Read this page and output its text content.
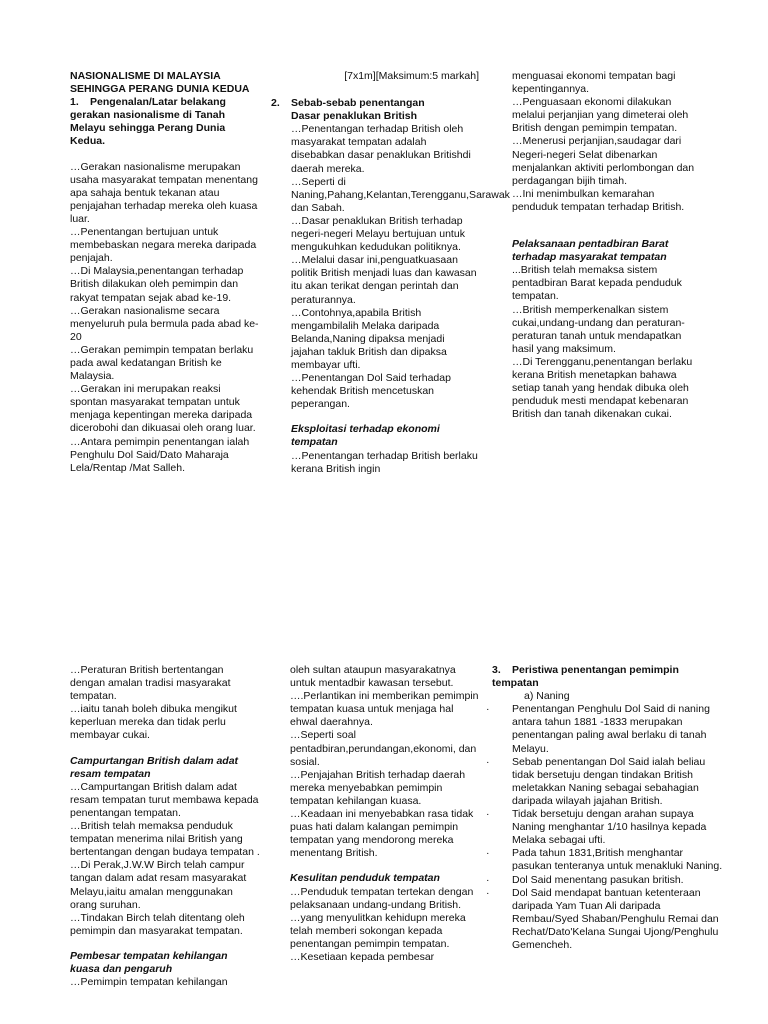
NASIONALISME DI MALAYSIA SEHINGGA PERANG DUNIA KEDUA

1. Pengenalan/Latar belakang gerakan nasionalisme di Tanah Melayu sehingga Perang Dunia Kedua.

…Gerakan nasionalisme merupakan usaha masyarakat tempatan menentang apa sahaja bentuk tekanan atau penjajahan terhadap mereka oleh kuasa luar.

…Penentangan bertujuan untuk membebaskan negara mereka daripada penjajah.

…Di Malaysia,penentangan terhadap British dilakukan oleh pemimpin dan rakyat tempatan sejak abad ke-19.

…Gerakan nasionalisme secara menyeluruh pula bermula pada abad ke-20

…Gerakan pemimpin tempatan berlaku pada awal kedatangan British ke Malaysia.

…Gerakan ini merupakan reaksi spontan masyarakat tempatan untuk menjaga kepentingan mereka daripada dicerobohi dan dikuasai oleh orang luar.

…Antara pemimpin penentangan ialah Penghulu Dol Said/Dato Maharaja Lela/Rentap /Mat Salleh.

[7x1m][Maksimum:5 markah]

2. Sebab-sebab penentangan

Dasar penaklukan British

…Penentangan terhadap British oleh masyarakat tempatan adalah disebabkan dasar penaklukan Britishdi daerah mereka.

…Seperti di Naning,Pahang,Kelantan,Terengganu,Sarawak dan Sabah.

…Dasar penaklukan British terhadap negeri-negeri Melayu bertujuan untuk mengukuhkan kedudukan politiknya.

…Melalui dasar ini,penguatkuasaan politik British menjadi luas dan kawasan itu akan terikat dengan perintah dan peraturannya.

…Contohnya,apabila British mengambilalih Melaka daripada Belanda,Naning dipaksa menjadi jajahan takluk British dan dipaksa membayar ufti.

…Penentangan Dol Said terhadap kehendak British mencetuskan peperangan.

Eksploitasi terhadap ekonomi tempatan

…Penentangan terhadap British berlaku kerana British ingin

menguasai ekonomi tempatan bagi kepentingannya.

…Penguasaan ekonomi dilakukan melalui perjanjian yang dimeterai oleh British dengan pemimpin tempatan.

…Menerusi perjanjian,saudagar dari Negeri-negeri Selat dibenarkan menjalankan aktiviti perlombongan dan perdagangan bijih timah.

…Ini menimbulkan kemarahan penduduk tempatan terhadap British.

Pelaksanaan pentadbiran Barat terhadap masyarakat tempatan

...British telah memaksa sistem pentadbiran Barat kepada penduduk tempatan.

…British memperkenalkan sistem cukai,undang-undang dan peraturan-peraturan tanah untuk mendapatkan hasil yang maksimum.

…Di Terengganu,penentangan berlaku kerana British menetapkan bahawa setiap tanah yang hendak dibuka oleh penduduk mesti mendapat kebenaran British dan tanah dikenakan cukai.

…Peraturan British bertentangan dengan amalan tradisi masyarakat tempatan.

…iaitu tanah boleh dibuka mengikut keperluan mereka dan tidak perlu membayar cukai.

Campurtangan British dalam adat resam tempatan

…Campurtangan British dalam adat resam tempatan turut membawa kepada penentangan tempatan.

…British telah memaksa penduduk tempatan menerima nilai British yang bertentangan dengan budaya tempatan .

…Di Perak,J.W.W Birch telah campur tangan dalam adat resam masyarakat Melayu,iaitu amalan menggunakan orang suruhan.

…Tindakan Birch telah ditentang oleh pemimpin dan masyarakat tempatan.

Pembesar tempatan kehilangan kuasa dan pengaruh

…Pemimpin tempatan kehilangan

oleh sultan ataupun masyarakatnya untuk mentadbir kawasan tersebut.

….Perlantikan ini memberikan pemimpin tempatan kuasa untuk menjaga hal ehwal daerahnya.

…Seperti soal pentadbiran,perundangan,ekonomi, dan sosial.

…Penjajahan British terhadap daerah mereka menyebabkan pemimpin tempatan kehilangan kuasa.

…Keadaan ini menyebabkan rasa tidak puas hati dalam kalangan pemimpin tempatan yang mendorong mereka menentang British.

Kesulitan penduduk tempatan

…Penduduk tempatan tertekan dengan pelaksanaan undang-undang British.

…yang menyulitkan kehidupn mereka telah memberi sokongan kepada penentangan pemimpin tempatan.

…Kesetiaan kepada pembesar

3. Peristiwa penentangan pemimpin tempatan

a) Naning

· Penentangan Penghulu Dol Said di naning antara tahun 1881 -1833 merupakan penentangan paling awal berlaku di tanah Melayu.

· Sebab penentangan Dol Said ialah beliau tidak bersetuju dengan tindakan British meletakkan Naning sebagai sebahagian daripada wilayah jajahan British.

· Tidak bersetuju dengan arahan supaya Naning menghantar 1/10 hasilnya kepada Melaka sebagai ufti.

· Pada tahun 1831,British menghantar pasukan tenteranya untuk menakluki Naning.

· Dol Said menentang pasukan british.

· Dol Said mendapat bantuan ketenteraan daripada Yam Tuan Ali daripada Rembau/Syed Shaban/Penghulu Remai dan Rechat/Dato'Kelana Sungai Ujong/Penghulu Gemencheh.
